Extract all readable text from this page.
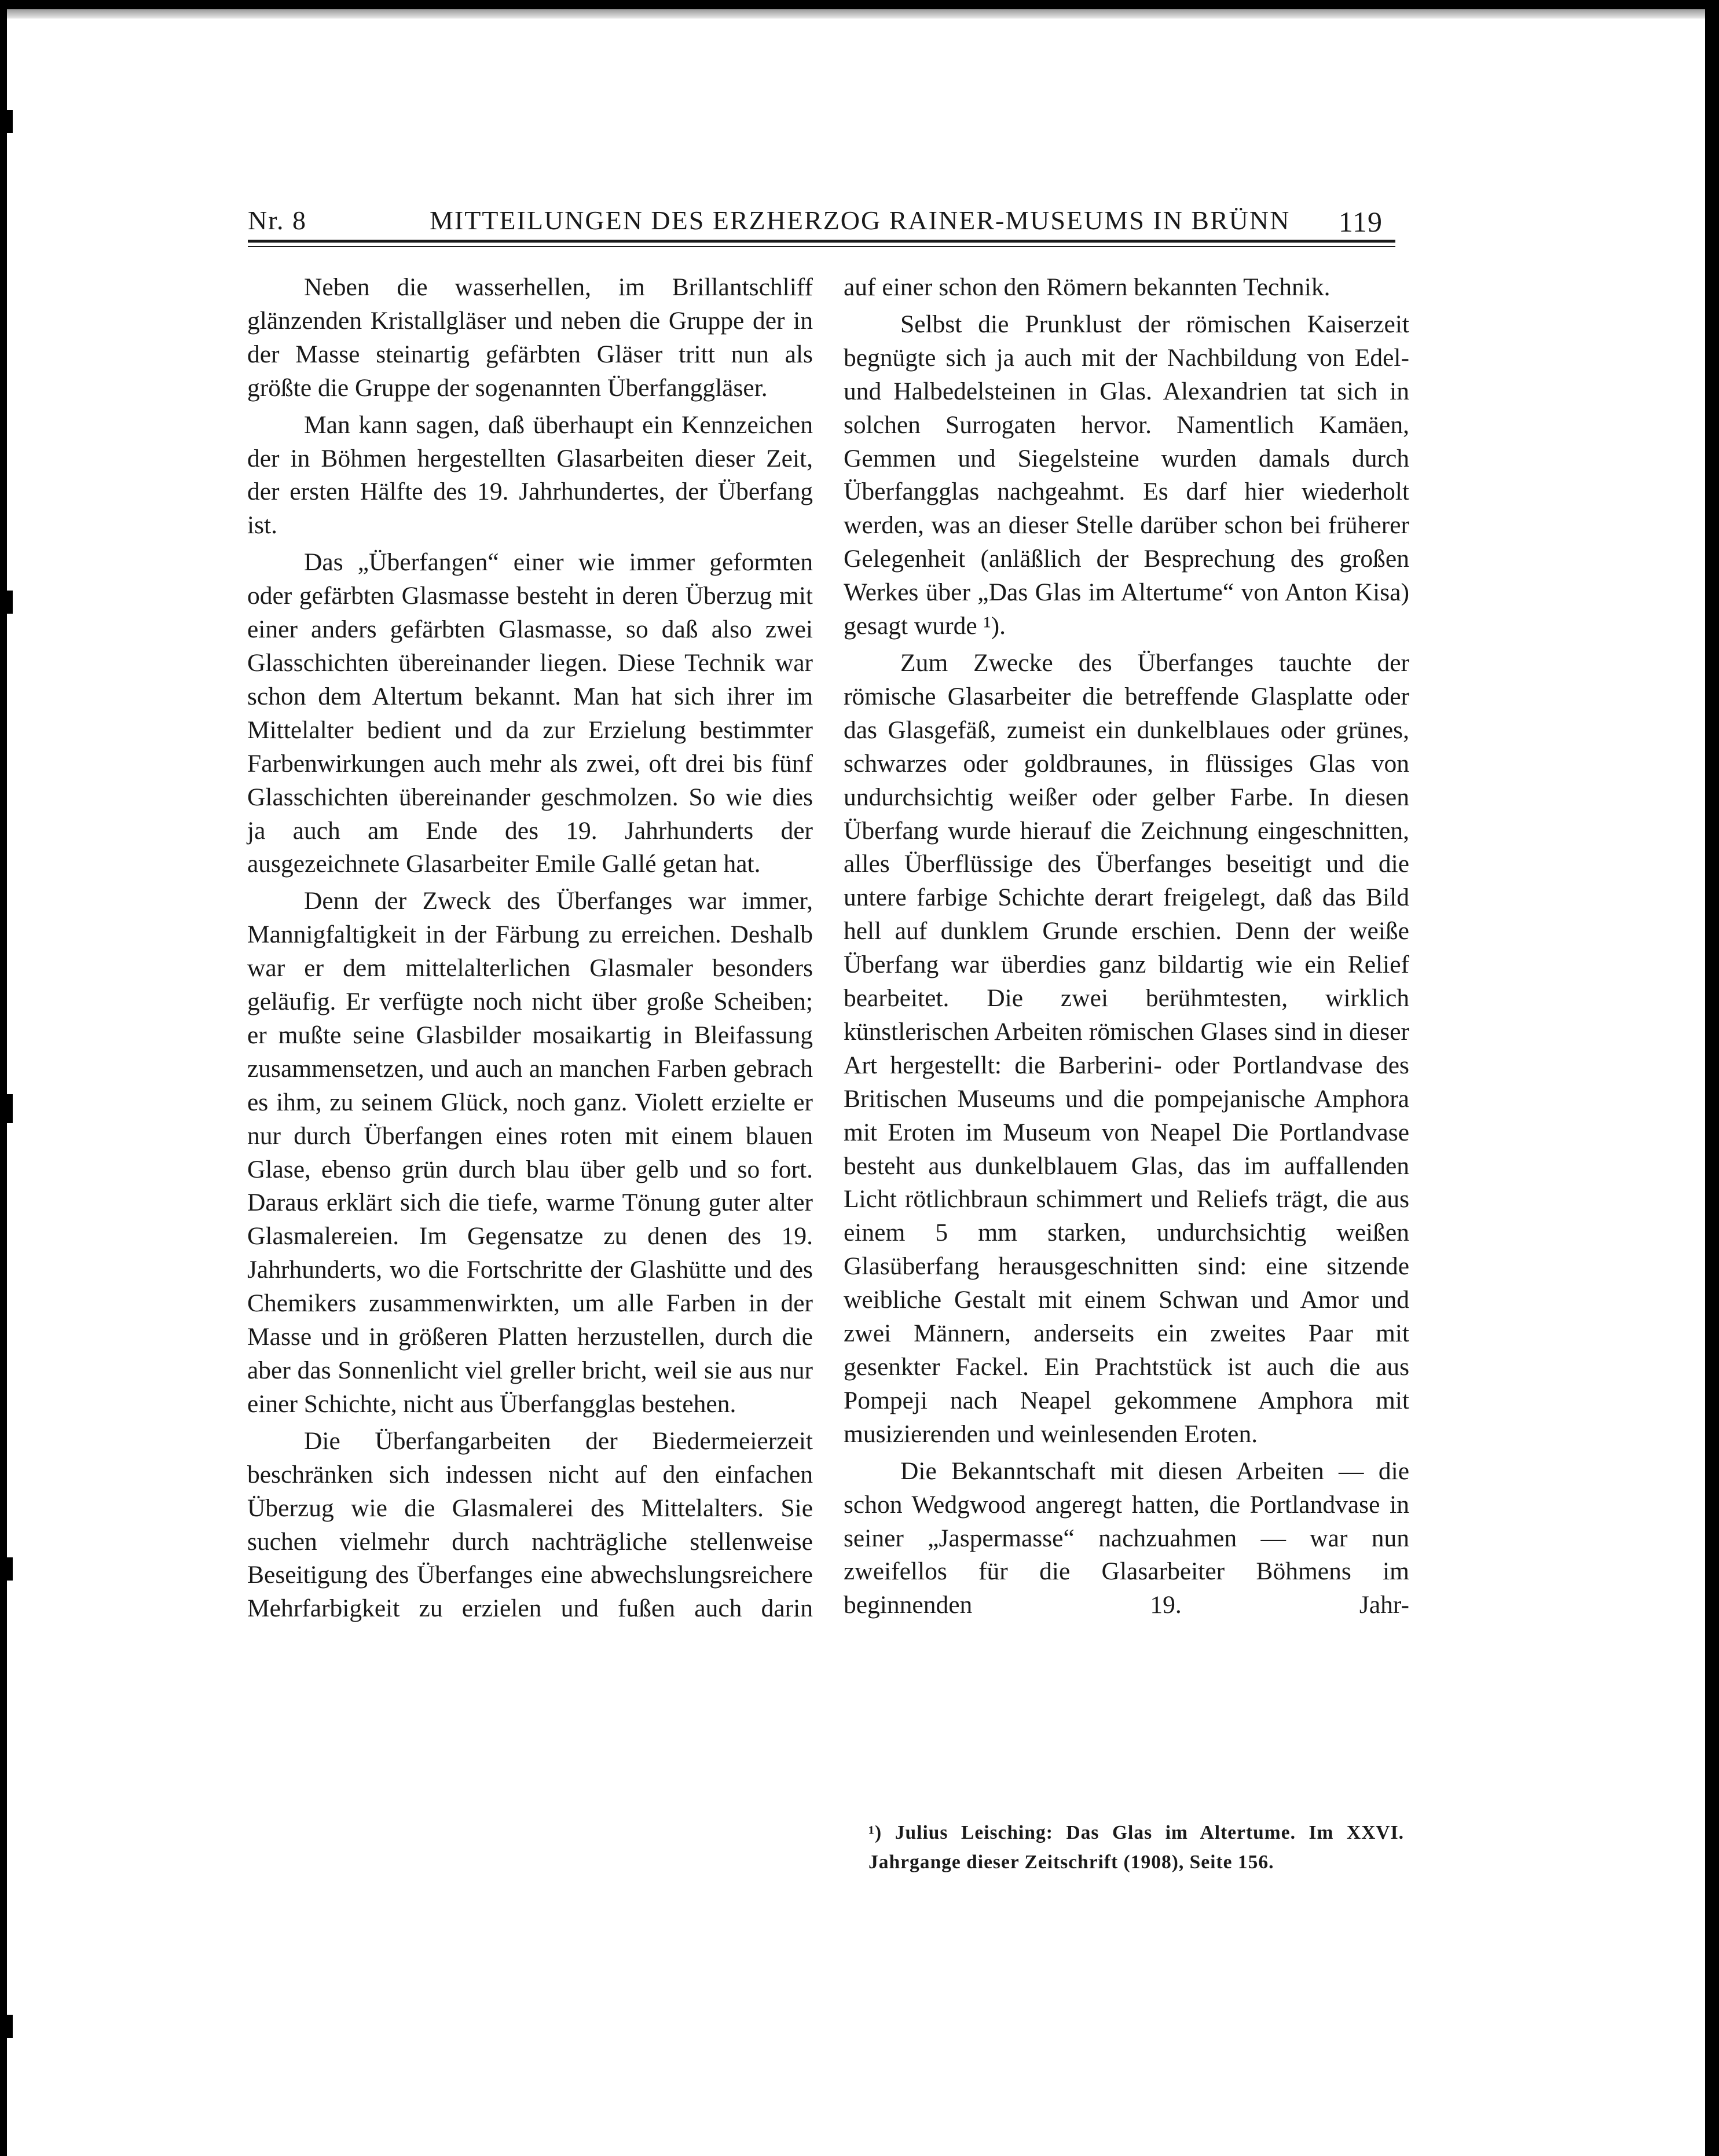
Nr. 8	MITTEILUNGEN DES ERZHERZOG RAINER-MUSEUMS IN BRÜNN 119

Neben die wasserhellen, im Brillantschliff glänzenden Kristallgläser und neben die Gruppe der in der Masse steinartig gefärbten Gläser tritt nun als größte die Gruppe der sogenannten Überfanggläser.

Man kann sagen, daß überhaupt ein Kennzeichen der in Böhmen hergestellten Glasarbeiten dieser Zeit, der ersten Hälfte des 19. Jahrhundertes, der Überfang ist.

Das „Überfangen“ einer wie immer geformten oder gefärbten Glasmasse besteht in deren Überzug mit einer anders gefärbten Glasmasse, so daß also zwei Glasschichten übereinander liegen. Diese Technik war schon dem Altertum bekannt. Man hat sich ihrer im Mittelalter bedient und da zur Erzielung bestimmter Farbenwirkungen auch mehr als zwei, oft drei bis fünf Glasschichten übereinander geschmolzen. So wie dies ja auch am Ende des 19. Jahrhunderts der ausgezeichnete Glasarbeiter Emile Gallé getan hat.

Denn der Zweck des Überfanges war immer, Mannigfaltigkeit in der Färbung zu erreichen. Deshalb war er dem mittelalterlichen Glasmaler besonders geläufig. Er verfügte noch nicht über große Scheiben; er mußte seine Glasbilder mosaikartig in Bleifassung zusammensetzen, und auch an manchen Farben gebrach es ihm, zu seinem Glück, noch ganz. Violett erzielte er nur durch Überfangen eines roten mit einem blauen Glase, ebenso grün durch blau über gelb und so fort. Daraus erklärt sich die tiefe, warme Tönung guter alter Glasmalereien. Im Gegensatze zu denen des 19. Jahrhunderts, wo die Fortschritte der Glashütte und des Chemikers zusammenwirkten, um alle Farben in der Masse und in größeren Platten herzustellen, durch die aber das Sonnenlicht viel greller bricht, weil sie aus nur einer Schichte, nicht aus Überfangglas bestehen.

Die Überfangarbeiten der Biedermeierzeit beschränken sich indessen nicht auf den einfachen Überzug wie die Glasmalerei des Mittelalters. Sie suchen vielmehr durch nachträgliche stellenweise Beseitigung des Überfanges eine abwechslungsreichere Mehrfarbigkeit zu erzielen und fußen auch darin

auf einer schon den Römern bekannten Technik.

Selbst die Prunklust der römischen Kaiserzeit begnügte sich ja auch mit der Nachbildung von Edel- und Halbedelsteinen in Glas. Alexandrien tat sich in solchen Surrogaten hervor. Namentlich Kamäen, Gemmen und Siegelsteine wurden damals durch Überfangglas nachgeahmt. Es darf hier wiederholt werden, was an dieser Stelle darüber schon bei früherer Gelegenheit (anläßlich der Besprechung des großen Werkes über „Das Glas im Altertume“ von Anton Kisa) gesagt wurde ¹).

Zum Zwecke des Überfanges tauchte der römische Glasarbeiter die betreffende Glasplatte oder das Glasgefäß, zumeist ein dunkelblaues oder grünes, schwarzes oder goldbraunes, in flüssiges Glas von undurchsichtig weißer oder gelber Farbe. In diesen Überfang wurde hierauf die Zeichnung eingeschnitten, alles Überflüssige des Überfanges beseitigt und die untere farbige Schichte derart freigelegt, daß das Bild hell auf dunklem Grunde erschien. Denn der weiße Überfang war überdies ganz bildartig wie ein Relief bearbeitet. Die zwei berühmtesten, wirklich künstlerischen Arbeiten römischen Glases sind in dieser Art hergestellt: die Barberini- oder Portlandvase des Britischen Museums und die pompejanische Amphora mit Eroten im Museum von Neapel Die Portlandvase besteht aus dunkelblauem Glas, das im auffallenden Licht rötlichbraun schimmert und Reliefs trägt, die aus einem 5 mm starken, undurchsichtig weißen Glasüberfang herausgeschnitten sind: eine sitzende weibliche Gestalt mit einem Schwan und Amor und zwei Männern, anderseits ein zweites Paar mit gesenkter Fackel. Ein Prachtstück ist auch die aus Pompeji nach Neapel gekommene Amphora mit musizierenden und weinlesenden Eroten.

Die Bekanntschaft mit diesen Arbeiten — die schon Wedgwood angeregt hatten, die Portlandvase in seiner „Jaspermasse“ nachzuahmen — war nun zweifellos für die Glasarbeiter Böhmens im beginnenden 19. Jahr-

¹) Julius Leisching: Das Glas im Altertume. Im XXVI. Jahrgange dieser Zeitschrift (1908), Seite 156.
